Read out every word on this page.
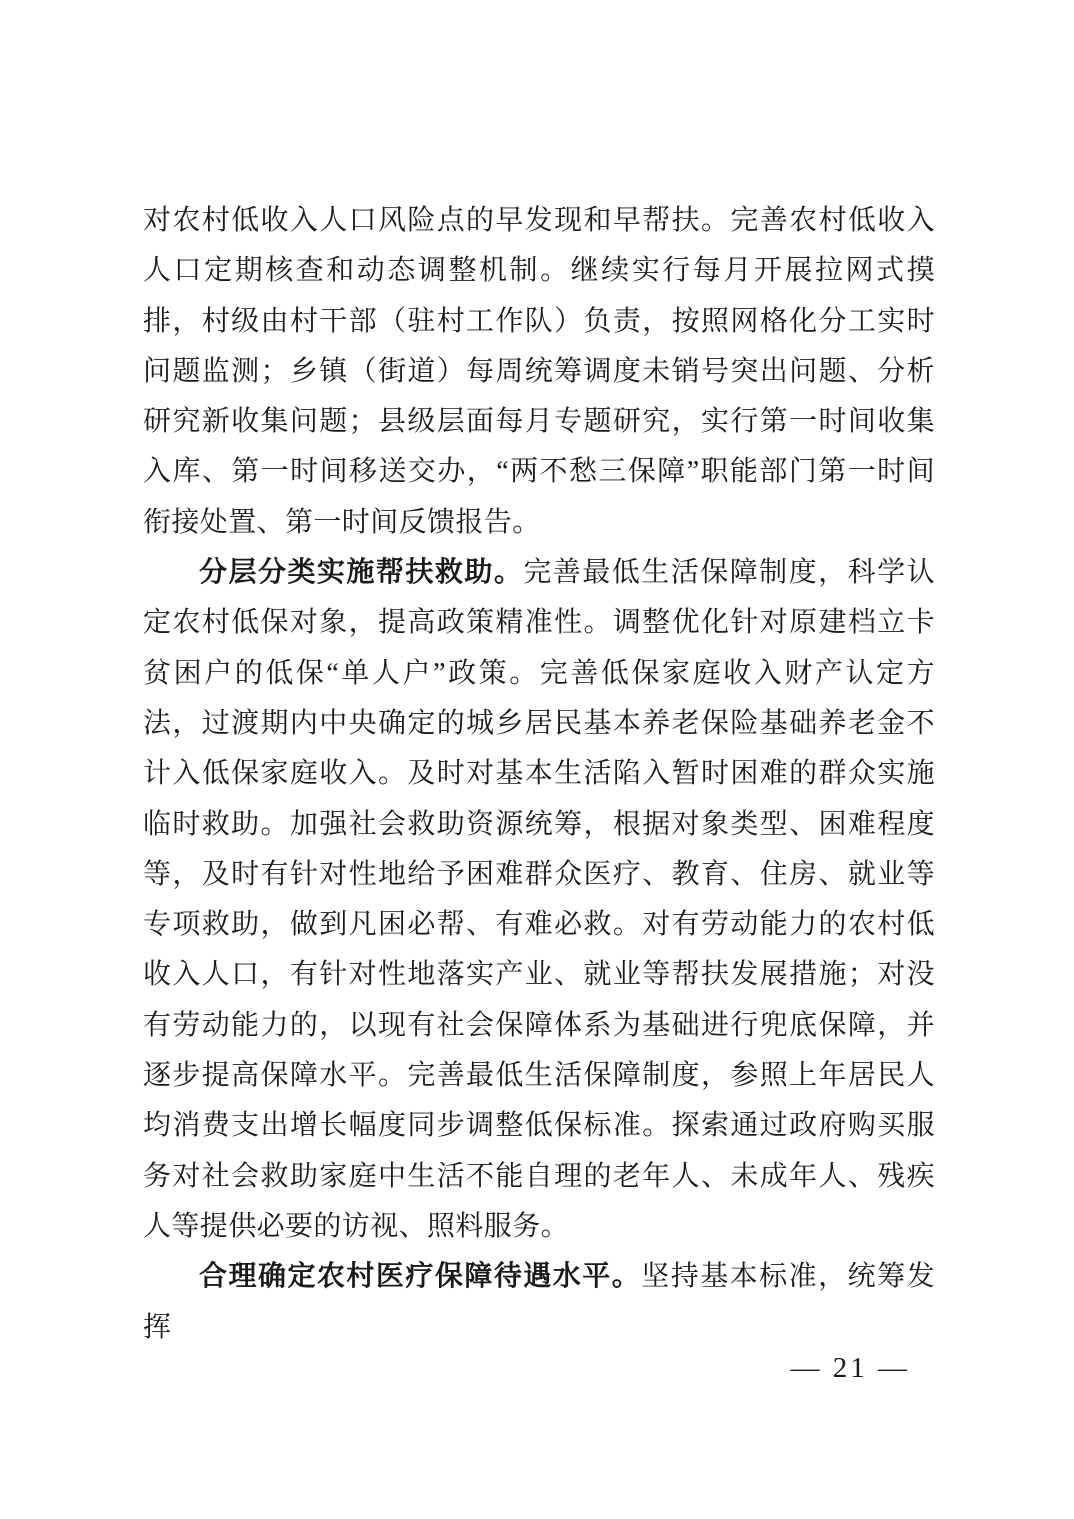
对农村低收入人口风险点的早发现和早帮扶。完善农村低收入人口定期核查和动态调整机制。继续实行每月开展拉网式摸排，村级由村干部（驻村工作队）负责，按照网格化分工实时问题监测；乡镇（街道）每周统筹调度未销号突出问题、分析研究新收集问题；县级层面每月专题研究，实行第一时间收集入库、第一时间移送交办，“两不愁三保障”职能部门第一时间衔接处置、第一时间反馈报告。

分层分类实施帮扶救助。完善最低生活保障制度，科学认定农村低保对象，提高政策精准性。调整优化针对原建档立卡贫困户的低保“单人户”政策。完善低保家庭收入财产认定方法，过渡期内中央确定的城乡居民基本养老保险基础养老金不计入低保家庭收入。及时对基本生活陷入暂时困难的群众实施临时救助。加强社会救助资源统筹，根据对象类型、困难程度等，及时有针对性地给予困难群众医疗、教育、住房、就业等专项救助，做到凡困必帮、有难必救。对有劳动能力的农村低收入人口，有针对性地落实产业、就业等帮扶发展措施；对没有劳动能力的，以现有社会保障体系为基础进行兜底保障，并逐步提高保障水平。完善最低生活保障制度，参照上年居民人均消费支出增长幅度同步调整低保标准。探索通过政府购买服务对社会救助家庭中生活不能自理的老年人、未成年人、残疾人等提供必要的访视、照料服务。

合理确定农村医疗保障待遇水平。坚持基本标准，统筹发挥

— 21 —
